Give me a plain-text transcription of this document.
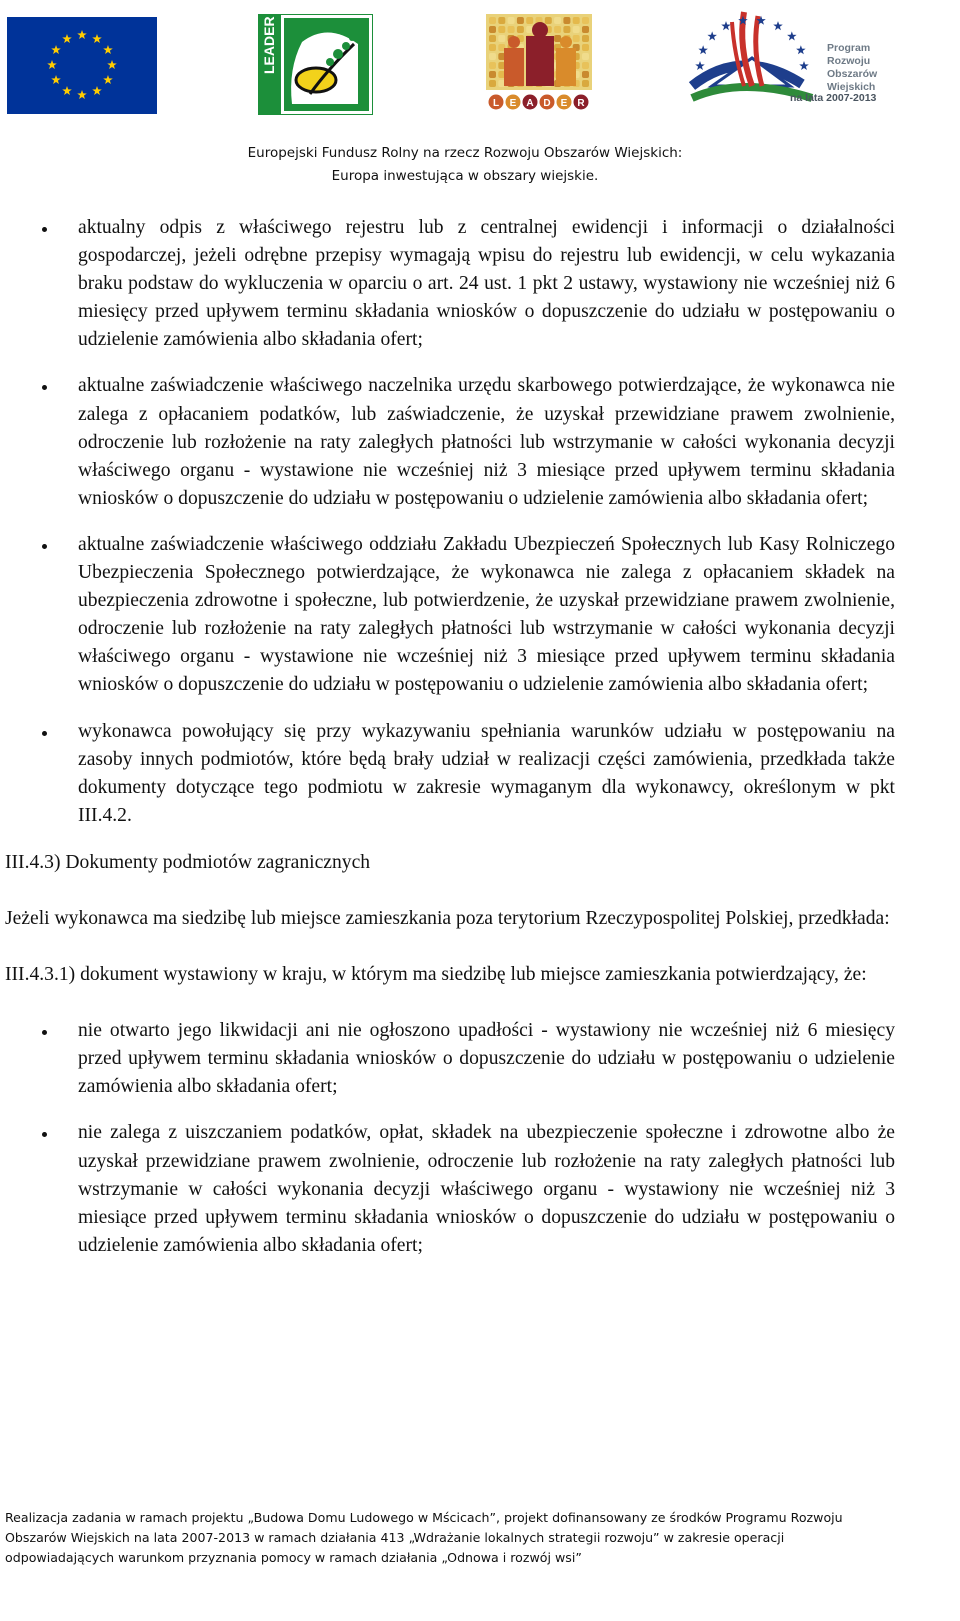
LEADER
L E A D E R
Program
Rozwoju
Obszarów
Wiejskich
na lata 2007-2013
Europejski Fundusz Rolny na rzecz Rozwoju Obszarów Wiejskich:
Europa inwestująca w obszary wiejskie.
aktualny odpis z właściwego rejestru lub z centralnej ewidencji i informacji o działalności gospodarczej, jeżeli odrębne przepisy wymagają wpisu do rejestru lub ewidencji, w celu wykazania braku podstaw do wykluczenia w oparciu o art. 24 ust. 1 pkt 2 ustawy, wystawiony nie wcześniej niż 6 miesięcy przed upływem terminu składania wniosków o dopuszczenie do udziału w postępowaniu o udzielenie zamówienia albo składania ofert;
aktualne zaświadczenie właściwego naczelnika urzędu skarbowego potwierdzające, że wykonawca nie zalega z opłacaniem podatków, lub zaświadczenie, że uzyskał przewidziane prawem zwolnienie, odroczenie lub rozłożenie na raty zaległych płatności lub wstrzymanie w całości wykonania decyzji właściwego organu - wystawione nie wcześniej niż 3 miesiące przed upływem terminu składania wniosków o dopuszczenie do udziału w postępowaniu o udzielenie zamówienia albo składania ofert;
aktualne zaświadczenie właściwego oddziału Zakładu Ubezpieczeń Społecznych lub Kasy Rolniczego Ubezpieczenia Społecznego potwierdzające, że wykonawca nie zalega z opłacaniem składek na ubezpieczenia zdrowotne i społeczne, lub potwierdzenie, że uzyskał przewidziane prawem zwolnienie, odroczenie lub rozłożenie na raty zaległych płatności lub wstrzymanie w całości wykonania decyzji właściwego organu - wystawione nie wcześniej niż 3 miesiące przed upływem terminu składania wniosków o dopuszczenie do udziału w postępowaniu o udzielenie zamówienia albo składania ofert;
wykonawca powołujący się przy wykazywaniu spełniania warunków udziału w postępowaniu na zasoby innych podmiotów, które będą brały udział w realizacji części zamówienia, przedkłada także dokumenty dotyczące tego podmiotu w zakresie wymaganym dla wykonawcy, określonym w pkt III.4.2.

III.4.3) Dokumenty podmiotów zagranicznych

Jeżeli wykonawca ma siedzibę lub miejsce zamieszkania poza terytorium Rzeczypospolitej Polskiej, przedkłada:

III.4.3.1) dokument wystawiony w kraju, w którym ma siedzibę lub miejsce zamieszkania potwierdzający, że:

nie otwarto jego likwidacji ani nie ogłoszono upadłości - wystawiony nie wcześniej niż 6 miesięcy przed upływem terminu składania wniosków o dopuszczenie do udziału w postępowaniu o udzielenie zamówienia albo składania ofert;
nie zalega z uiszczaniem podatków, opłat, składek na ubezpieczenie społeczne i zdrowotne albo że uzyskał przewidziane prawem zwolnienie, odroczenie lub rozłożenie na raty zaległych płatności lub wstrzymanie w całości wykonania decyzji właściwego organu - wystawiony nie wcześniej niż 3 miesiące przed upływem terminu składania wniosków o dopuszczenie do udziału w postępowaniu o udzielenie zamówienia albo składania ofert;
Realizacja zadania w ramach projektu „Budowa Domu Ludowego w Mścicach”, projekt dofinansowany ze środków Programu Rozwoju
Obszarów Wiejskich na lata 2007-2013 w ramach działania 413 „Wdrażanie lokalnych strategii rozwoju” w zakresie operacji
odpowiadających warunkom przyznania pomocy w ramach działania „Odnowa i rozwój wsi”
